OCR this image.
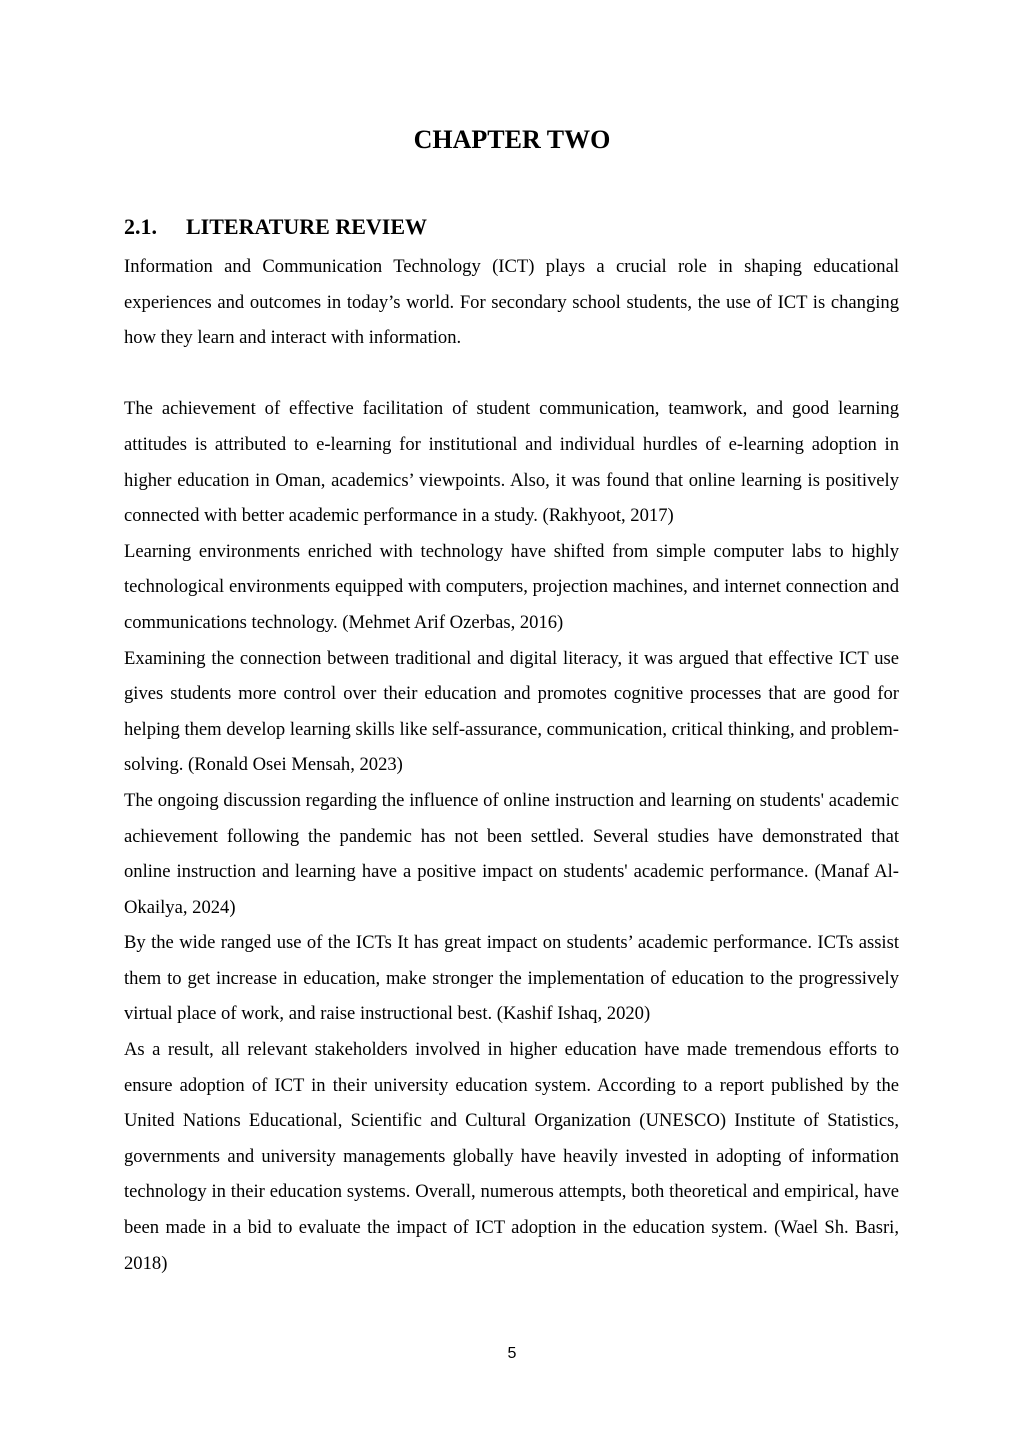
CHAPTER TWO
2.1. LITERATURE REVIEW

Information and Communication Technology (ICT) plays a crucial role in shaping educational experiences and outcomes in today’s world. For secondary school students, the use of ICT is changing how they learn and interact with information.

The achievement of effective facilitation of student communication, teamwork, and good learning attitudes is attributed to e-learning for institutional and individual hurdles of e-learning adoption in higher education in Oman, academics’ viewpoints. Also, it was found that online learning is positively connected with better academic performance in a study. (Rakhyoot, 2017)

Learning environments enriched with technology have shifted from simple computer labs to highly technological environments equipped with computers, projection machines, and internet connection and communications technology. (Mehmet Arif Ozerbas, 2016)

Examining the connection between traditional and digital literacy, it was argued that effective ICT use gives students more control over their education and promotes cognitive processes that are good for helping them develop learning skills like self-assurance, communication, critical thinking, and problem-solving. (Ronald Osei Mensah, 2023)

The ongoing discussion regarding the influence of online instruction and learning on students' academic achievement following the pandemic has not been settled. Several studies have demonstrated that online instruction and learning have a positive impact on students' academic performance. (Manaf Al-Okailya, 2024)

By the wide ranged use of the ICTs It has great impact on students’ academic performance. ICTs assist them to get increase in education, make stronger the implementation of education to the progressively virtual place of work, and raise instructional best. (Kashif Ishaq, 2020)

As a result, all relevant stakeholders involved in higher education have made tremendous efforts to ensure adoption of ICT in their university education system. According to a report published by the United Nations Educational, Scientific and Cultural Organization (UNESCO) Institute of Statistics, governments and university managements globally have heavily invested in adopting of information technology in their education systems. Overall, numerous attempts, both theoretical and empirical, have been made in a bid to evaluate the impact of ICT adoption in the education system. (Wael Sh. Basri, 2018)

5
